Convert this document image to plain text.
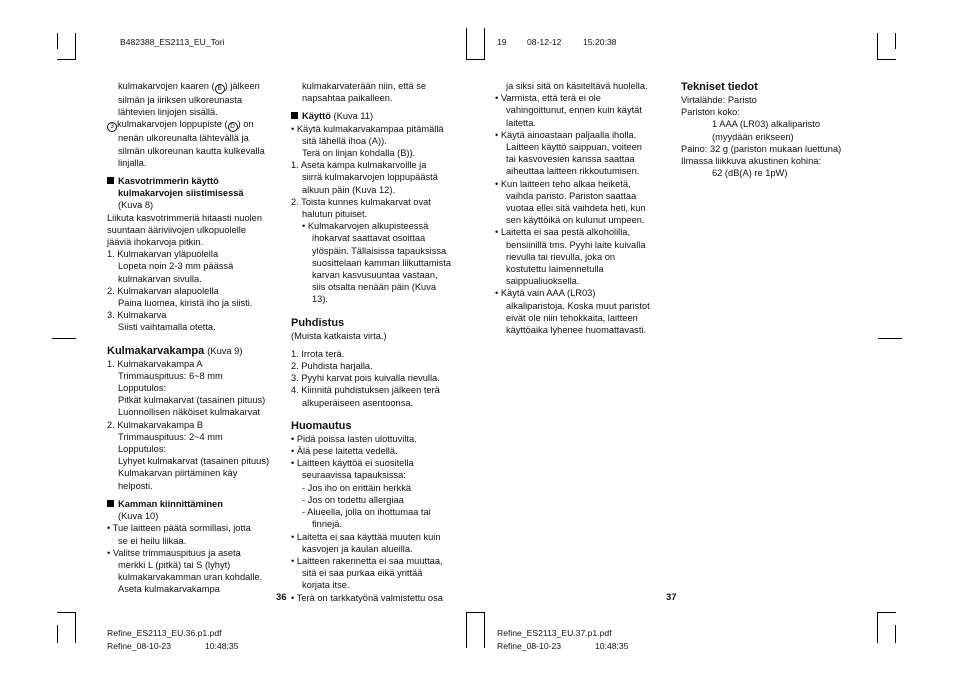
B482388_ES2113_EU_Tori	19 08-12-12	15:20:38
kulmakarvojen kaaren ( B ) jälkeen
silmän ja iiriksen ulkoreunasta
lähtevien linjojen sisällä.
3 kulmakarvojen loppupiste ( D ) on
nenän ulkoreunalta lähtevällä ja
silmän ulkoreunan kautta kulkevalla
linjalla.
Kasvotrimmerin käyttö
kulmakarvojen siistimisessä
(Kuva 8)
Liikuta kasvotrimmeriä hitaasti nuolen
suuntaan ääriviivojen ulkopuolelle
jääviä ihokarvoja pitkin.
1. Kulmakarvan yläpuolella
Lopeta noin 2-3 mm päässä
kulmakarvan sivulla.
2. Kulmakarvan alapuolella
Paina luomea, kiristä iho ja siisti.
3. Kulmakarva
Siisti vaihtamalla otetta.
Kulmakarvakampa (Kuva 9)
1. Kulmakarvakampa A
Trimmauspituus: 6~8 mm
Lopputulos:
Pitkät kulmakarvat (tasainen pituus)
Luonnollisen näköiset kulmakarvat
2. Kulmakarvakampa B
Trimmauspituus: 2~4 mm
Lopputulos:
Lyhyet kulmakarvat (tasainen pituus)
Kulmakarvan piirtäminen käy
helposti.
Kamman kiinnittäminen
(Kuva 10)
• Tue laitteen päätä sormillasi, jotta
se ei heilu liikaa.
• Valitse trimmauspituus ja aseta
merkki L (pitkä) tai S (lyhyt)
kulmakarvakamman uran kohdalle.
Aseta kulmakarvakampa
kulmakarvaterään niin, että se
napsahtaa paikalleen.
Käyttö (Kuva 11)
• Käytä kulmakarvakampaa pitämällä
sitä lähellä ihoa (A)).
Terä on linjan kohdalla (B)).
1. Aseta kampa kulmakarvoille ja
siirrä kulmakarvojen loppupäästä
alkuun päin (Kuva 12).
2. Toista kunnes kulmakarvat ovat
halutun pituiset.
• Kulmakarvojen alkupisteessä
ihokarvat saattavat osoittaa
ylöspäin. Tällaisissa tapauksissa
suosittelaan kamman liikuttamista
karvan kasvusuuntaa vastaan,
siis otsalta nenään päin (Kuva
13).
Puhdistus
(Muista katkaista virta.)
1. Irrota terä.
2. Puhdista harjalla.
3. Pyyhi karvat pois kuivalla rievulla.
4. Kiinnitä puhdistuksen jälkeen terä
alkuperäiseen asentoonsa.
Huomautus
• Pidä poissa lasten ulottuvilta.
• Älä pese laitetta vedellä.
• Laitteen käyttöä ei suositella
seuraavissa tapauksissa:
- Jos iho on erittäin herkkä
- Jos on todettu allergiaa
- Alueella, jolla on ihottumaa tai
finnejä.
• Laitetta ei saa käyttää muuten kuin
kasvojen ja kaulan alueilla.
• Laitteen rakennetta ei saa muuttaa,
sitä ei saa purkaa eikä yrittää
korjata itse.
• Terä on tarkkatyönä valmistettu osa
ja siksi sitä on käsiteltävä huolella.
• Varmista, että terä ei ole
vahingoittunut, ennen kuin käytät
laitetta.
• Käytä ainoastaan paljaalla iholla.
Laitteen käyttö saippuan, voiteen
tai kasvovesien kanssa saattaa
aiheuttaa laitteen rikkoutumisen.
• Kun laitteen teho alkaa heiketä,
vaihda paristo. Pariston saattaa
vuotaa ellei sitä vaihdeta heti, kun
sen käyttöikä on kulunut umpeen.
• Laitetta ei saa pestä alkoholilla,
bensiinillä tms. Pyyhi laite kuivalla
rievulla tai rievulla, joka on
kostutettu laimennetulla
saippualiuoksella.
• Käytä vain AAA (LR03)
alkaliparistoja. Koska muut paristot
eivät ole niin tehokkaita, laitteen
käyttöaika lyhenee huomattavasti.
Tekniset tiedot
Virtalähde: Paristo
Pariston koko:
1 AAA (LR03) alkaliparisto
(myydään erikseen)
Paino: 32 g (pariston mukaan luettuna)
Ilmassa liikkuva akustinen kohina:
62 (dB(A) re 1pW)
36	37
Refine_ES2113_EU.36.p1.pdf
Refine_08-10-23	10:48:35
Refine_ES2113_EU.37.p1.pdf
Refine_08-10-23	10:48:35
